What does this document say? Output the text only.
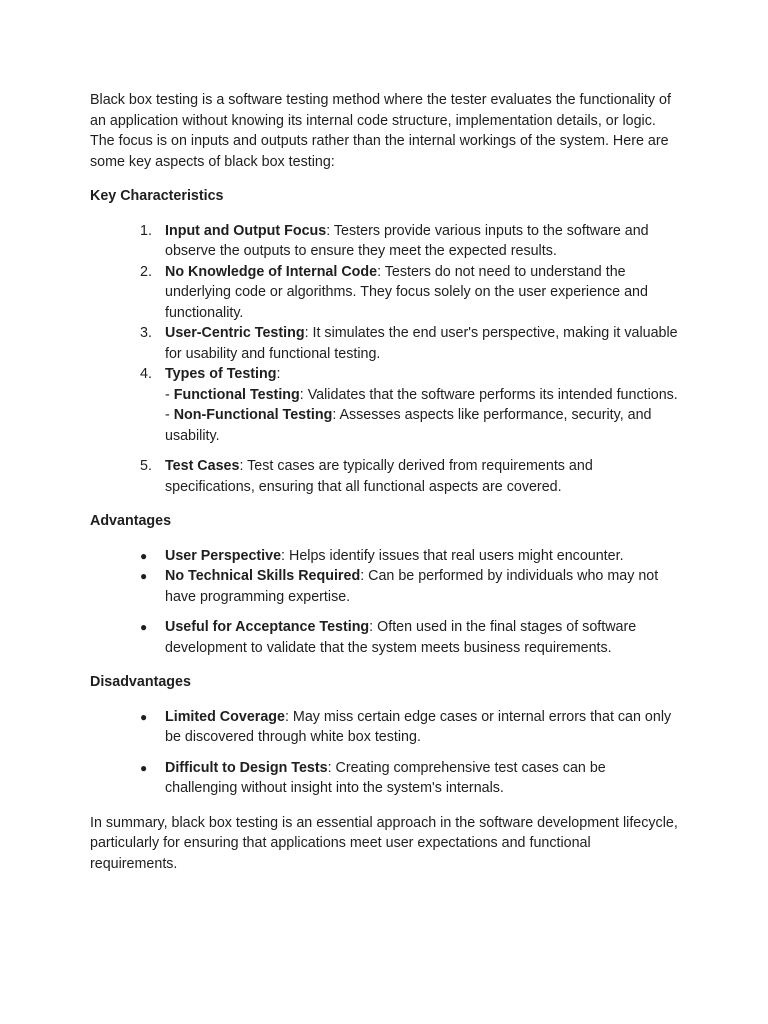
Black box testing is a software testing method where the tester evaluates the functionality of an application without knowing its internal code structure, implementation details, or logic. The focus is on inputs and outputs rather than the internal workings of the system. Here are some key aspects of black box testing:

Key Characteristics

1. Input and Output Focus: Testers provide various inputs to the software and observe the outputs to ensure they meet the expected results.
2. No Knowledge of Internal Code: Testers do not need to understand the underlying code or algorithms. They focus solely on the user experience and functionality.
3. User-Centric Testing: It simulates the end user's perspective, making it valuable for usability and functional testing.
4. Types of Testing:
- Functional Testing: Validates that the software performs its intended functions.
- Non-Functional Testing: Assesses aspects like performance, security, and usability.
5. Test Cases: Test cases are typically derived from requirements and specifications, ensuring that all functional aspects are covered.

Advantages

● User Perspective: Helps identify issues that real users might encounter.
● No Technical Skills Required: Can be performed by individuals who may not have programming expertise.
● Useful for Acceptance Testing: Often used in the final stages of software development to validate that the system meets business requirements.

Disadvantages

● Limited Coverage: May miss certain edge cases or internal errors that can only be discovered through white box testing.
● Difficult to Design Tests: Creating comprehensive test cases can be challenging without insight into the system's internals.

In summary, black box testing is an essential approach in the software development lifecycle, particularly for ensuring that applications meet user expectations and functional requirements.
